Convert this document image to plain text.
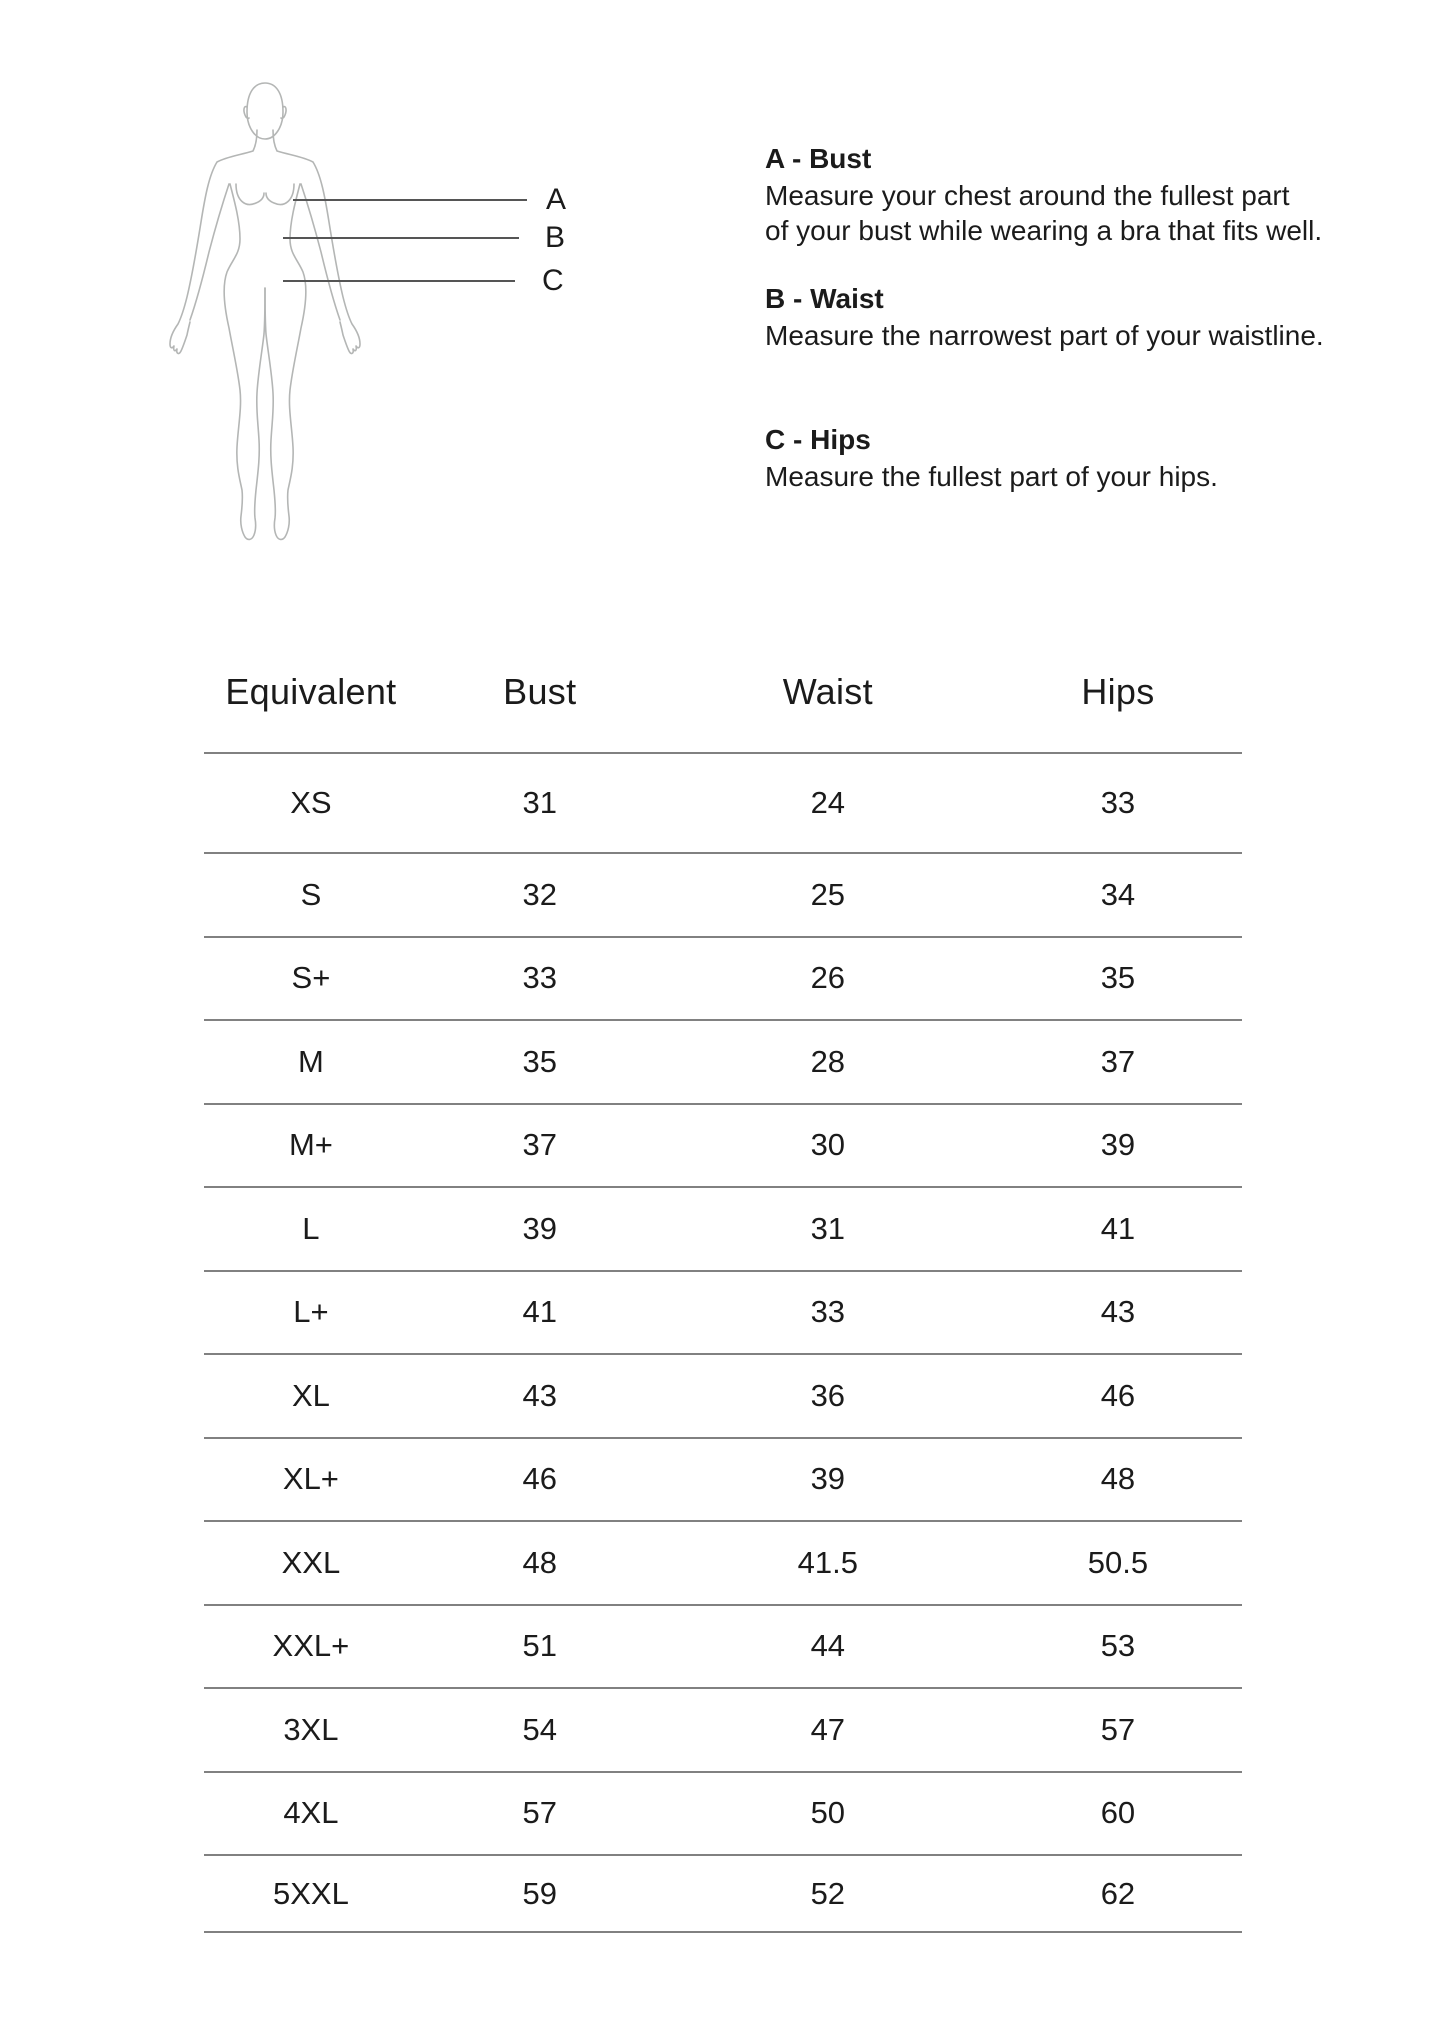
A
B
C
A - Bust
Measure your chest around the fullest part
of your bust while wearing a bra that fits well.
B - Waist
Measure the narrowest part of your waistline.
C - Hips
Measure the fullest part of your hips.
Equivalent	Bust	Waist	Hips
XS	31	24	33
S	32	25	34
S+	33	26	35
M	35	28	37
M+	37	30	39
L	39	31	41
L+	41	33	43
XL	43	36	46
XL+	46	39	48
XXL	48	41.5	50.5
XXL+	51	44	53
3XL	54	47	57
4XL	57	50	60
5XXL	59	52	62
